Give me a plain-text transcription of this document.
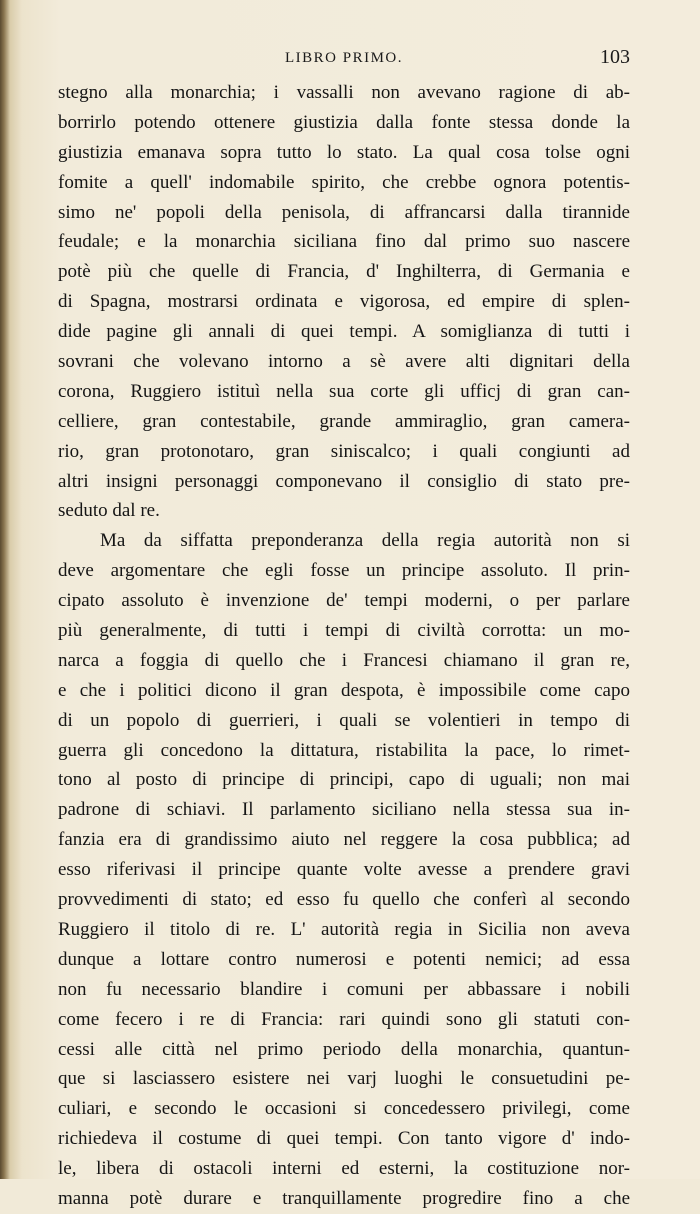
LIBRO PRIMO.	103
stegno alla monarchia; i vassalli non avevano ragione di ab-
borrirlo potendo ottenere giustizia dalla fonte stessa donde la
giustizia emanava sopra tutto lo stato. La qual cosa tolse ogni
fomite a quell' indomabile spirito, che crebbe ognora potentis-
simo ne' popoli della penisola, di affrancarsi dalla tirannide
feudale; e la monarchia siciliana fino dal primo suo nascere
potè più che quelle di Francia, d' Inghilterra, di Germania e
di Spagna, mostrarsi ordinata e vigorosa, ed empire di splen-
dide pagine gli annali di quei tempi. A somiglianza di tutti i
sovrani che volevano intorno a sè avere alti dignitari della
corona, Ruggiero istituì nella sua corte gli ufficj di gran can-
celliere, gran contestabile, grande ammiraglio, gran camera-
rio, gran protonotaro, gran siniscalco; i quali congiunti ad
altri insigni personaggi componevano il consiglio di stato pre-
seduto dal re.
Ma da siffatta preponderanza della regia autorità non si
deve argomentare che egli fosse un principe assoluto. Il prin-
cipato assoluto è invenzione de' tempi moderni, o per parlare
più generalmente, di tutti i tempi di civiltà corrotta: un mo-
narca a foggia di quello che i Francesi chiamano il gran re,
e che i politici dicono il gran despota, è impossibile come capo
di un popolo di guerrieri, i quali se volentieri in tempo di
guerra gli concedono la dittatura, ristabilita la pace, lo rimet-
tono al posto di principe di principi, capo di uguali; non mai
padrone di schiavi. Il parlamento siciliano nella stessa sua in-
fanzia era di grandissimo aiuto nel reggere la cosa pubblica; ad
esso riferivasi il principe quante volte avesse a prendere gravi
provvedimenti di stato; ed esso fu quello che conferì al secondo
Ruggiero il titolo di re. L' autorità regia in Sicilia non aveva
dunque a lottare contro numerosi e potenti nemici; ad essa
non fu necessario blandire i comuni per abbassare i nobili
come fecero i re di Francia: rari quindi sono gli statuti con-
cessi alle città nel primo periodo della monarchia, quantun-
que si lasciassero esistere nei varj luoghi le consuetudini pe-
culiari, e secondo le occasioni si concedessero privilegi, come
richiedeva il costume di quei tempi. Con tanto vigore d' indo-
le, libera di ostacoli interni ed esterni, la costituzione nor-
manna potè durare e tranquillamente progredire fino a che
